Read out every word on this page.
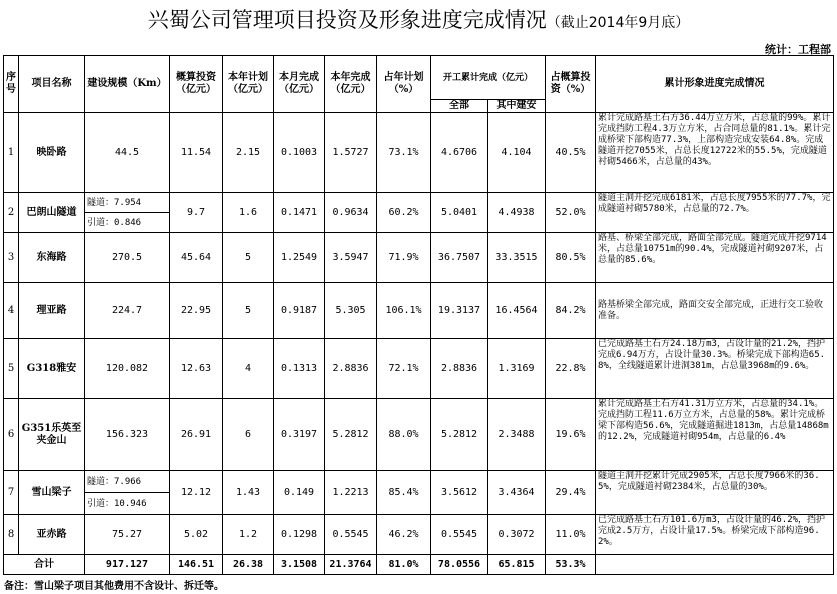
兴蜀公司管理项目投资及形象进度完成情况（截止2014年9月底）
统计：工程部
序号	项目名称	建设规模（Km）	概算投资（亿元）	本年计划（亿元）	本月完成（亿元）	本年完成（亿元）	占年计划（%）	开工累计完成（亿元）		占概算投资（%）	累计形象进度完成情况
								全部	其中建安		
1	映卧路	44.5	11.54	2.15	0.1003	1.5727	73.1%	4.6706	4.104	40.5%	累计完成路基土石方36.44万立方米，占总量的99%。累计完成挡防工程4.3万立方米，占合同总量的81.1%。累计完成桥梁下部构造77.3%，上部构造完成安装64.8%。完成隧道开挖7055米，占总长度12722米的55.5%，完成隧道衬砌5466米，占总量的43%。
2	巴朗山隧道	隧道：7.954	9.7	1.6	0.1471	0.9634	60.2%	5.0401	4.4938	52.0%	隧道主洞开挖完成6181米，占总长度7955米的77.7%，完成隧道衬砌5780米，占总量的72.7%。
		引道：0.846									
3	东海路	270.5	45.64	5	1.2549	3.5947	71.9%	36.7507	33.3515	80.5%	路基、桥梁全部完成，路面全部完成。隧道完成开挖9714米，占总量10751m的90.4%，完成隧道衬砌9207米，占总量的85.6%。
4	理亚路	224.7	22.95	5	0.9187	5.305	106.1%	19.3137	16.4564	84.2%	路基桥梁全部完成，路面交安全部完成，正进行交工验收准备。
5	G318雅安	120.082	12.63	4	0.1313	2.8836	72.1%	2.8836	1.3169	22.8%	已完成路基土石方24.18万m3，占设计量的21.2%，挡护完成6.94万方，占设计量30.3%。桥梁完成下部构造65.8%，全线隧道累计进洞381m，占总量3968m的9.6%。
6	G351乐英至夹金山	156.323	26.91	6	0.3197	5.2812	88.0%	5.2812	2.3488	19.6%	累计完成路基土石方41.31万立方米，占总量的34.1%。完成挡防工程11.6万立方米，占总量的58%。累计完成桥梁下部构造56.6%，完成隧道掘进1813m，占总量14868m的12.2%，完成隧道衬砌954m，占总量的6.4%
7	雪山梁子	隧道：7.966	12.12	1.43	0.149	1.2213	85.4%	3.5612	3.4364	29.4%	隧道主洞开挖累计完成2905米，占总长度7966米的36.5%，完成隧道衬砌2384米，占总量的30%。
		引道：10.946									
8	亚赤路	75.27	5.02	1.2	0.1298	0.5545	46.2%	0.5545	0.3072	11.0%	已完成路基土石方101.6万m3，占设计量的46.2%，挡护完成2.5万方，占设计量17.5%。桥梁完成下部构造96.2%。
合计		917.127	146.51	26.38	3.1508	21.3764	81.0%	78.0556	65.815	53.3%	
备注：雪山梁子项目其他费用不含设计、拆迁等。
